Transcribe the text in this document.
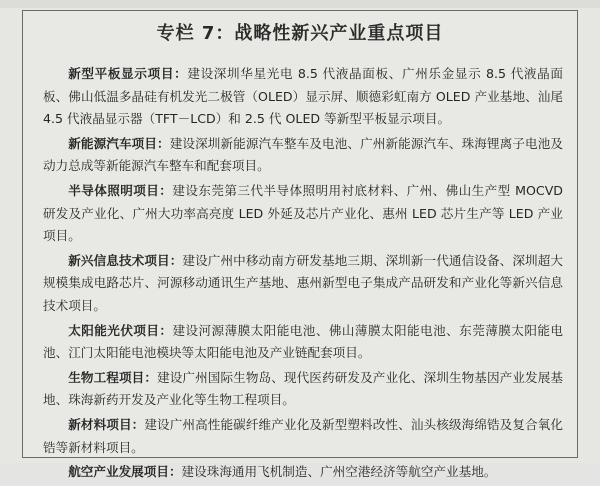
专栏 7：战略性新兴产业重点项目

新型平板显示项目：建设深圳华星光电 8.5 代液晶面板、广州乐金显示 8.5 代液晶面板、佛山低温多晶硅有机发光二极管（OLED）显示屏、顺德彩虹南方 OLED 产业基地、汕尾 4.5 代液晶显示器（TFT－LCD）和 2.5 代 OLED 等新型平板显示项目。

新能源汽车项目：建设深圳新能源汽车整车及电池、广州新能源汽车、珠海锂离子电池及动力总成等新能源汽车整车和配套项目。

半导体照明项目：建设东莞第三代半导体照明用衬底材料、广州、佛山生产型 MOCVD 研发及产业化、广州大功率高亮度 LED 外延及芯片产业化、惠州 LED 芯片生产等 LED 产业项目。

新兴信息技术项目：建设广州中移动南方研发基地三期、深圳新一代通信设备、深圳超大规模集成电路芯片、河源移动通讯生产基地、惠州新型电子集成产品研发和产业化等新兴信息技术项目。

太阳能光伏项目：建设河源薄膜太阳能电池、佛山薄膜太阳能电池、东莞薄膜太阳能电池、江门太阳能电池模块等太阳能电池及产业链配套项目。

生物工程项目：建设广州国际生物岛、现代医药研发及产业化、深圳生物基因产业发展基地、珠海新药开发及产业化等生物工程项目。

新材料项目：建设广州高性能碳纤维产业化及新型塑料改性、汕头核级海绵锆及复合氧化锆等新材料项目。

航空产业发展项目：建设珠海通用飞机制造、广州空港经济等航空产业基地。
